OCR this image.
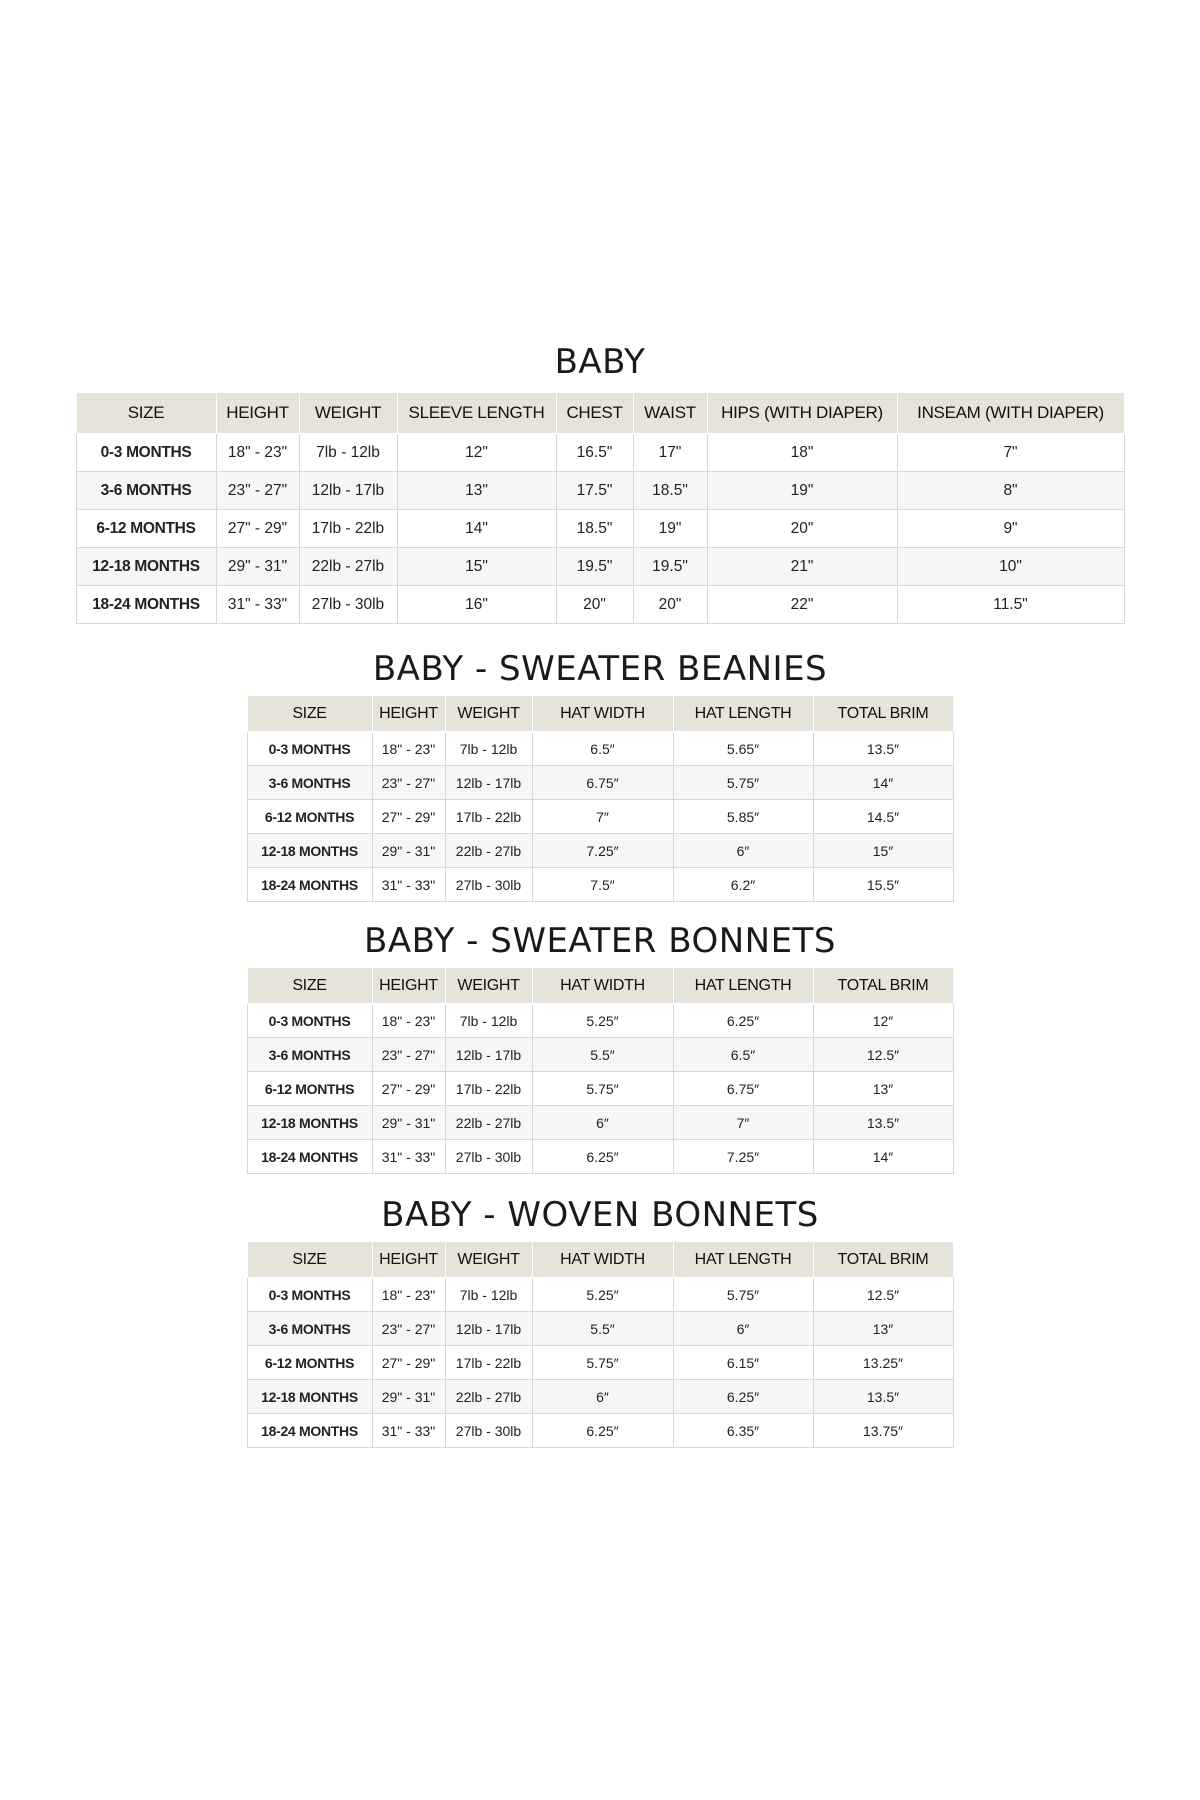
BABY
SIZE	HEIGHT	WEIGHT	SLEEVE LENGTH	CHEST	WAIST	HIPS (WITH DIAPER)	INSEAM (WITH DIAPER)
0-3 MONTHS	18" - 23"	7lb - 12lb	12"	16.5"	17"	18"	7"
3-6 MONTHS	23" - 27"	12lb - 17lb	13"	17.5"	18.5"	19"	8"
6-12 MONTHS	27" - 29"	17lb - 22lb	14"	18.5"	19"	20"	9"
12-18 MONTHS	29" - 31"	22lb - 27lb	15"	19.5"	19.5"	21"	10"
18-24 MONTHS	31" - 33"	27lb - 30lb	16"	20"	20"	22"	11.5"
BABY - SWEATER BEANIES
SIZE	HEIGHT	WEIGHT	HAT WIDTH	HAT LENGTH	TOTAL BRIM
0-3 MONTHS	18" - 23"	7lb - 12lb	6.5″	5.65″	13.5″
3-6 MONTHS	23" - 27"	12lb - 17lb	6.75″	5.75″	14″
6-12 MONTHS	27" - 29"	17lb - 22lb	7″	5.85″	14.5″
12-18 MONTHS	29" - 31"	22lb - 27lb	7.25″	6″	15″
18-24 MONTHS	31" - 33"	27lb - 30lb	7.5″	6.2″	15.5″
BABY - SWEATER BONNETS
SIZE	HEIGHT	WEIGHT	HAT WIDTH	HAT LENGTH	TOTAL BRIM
0-3 MONTHS	18" - 23"	7lb - 12lb	5.25″	6.25″	12″
3-6 MONTHS	23" - 27"	12lb - 17lb	5.5″	6.5″	12.5″
6-12 MONTHS	27" - 29"	17lb - 22lb	5.75″	6.75″	13″
12-18 MONTHS	29" - 31"	22lb - 27lb	6″	7″	13.5″
18-24 MONTHS	31" - 33"	27lb - 30lb	6.25″	7.25″	14″
BABY - WOVEN BONNETS
SIZE	HEIGHT	WEIGHT	HAT WIDTH	HAT LENGTH	TOTAL BRIM
0-3 MONTHS	18" - 23"	7lb - 12lb	5.25″	5.75″	12.5″
3-6 MONTHS	23" - 27"	12lb - 17lb	5.5″	6″	13″
6-12 MONTHS	27" - 29"	17lb - 22lb	5.75″	6.15″	13.25″
12-18 MONTHS	29" - 31"	22lb - 27lb	6″	6.25″	13.5″
18-24 MONTHS	31" - 33"	27lb - 30lb	6.25″	6.35″	13.75″
